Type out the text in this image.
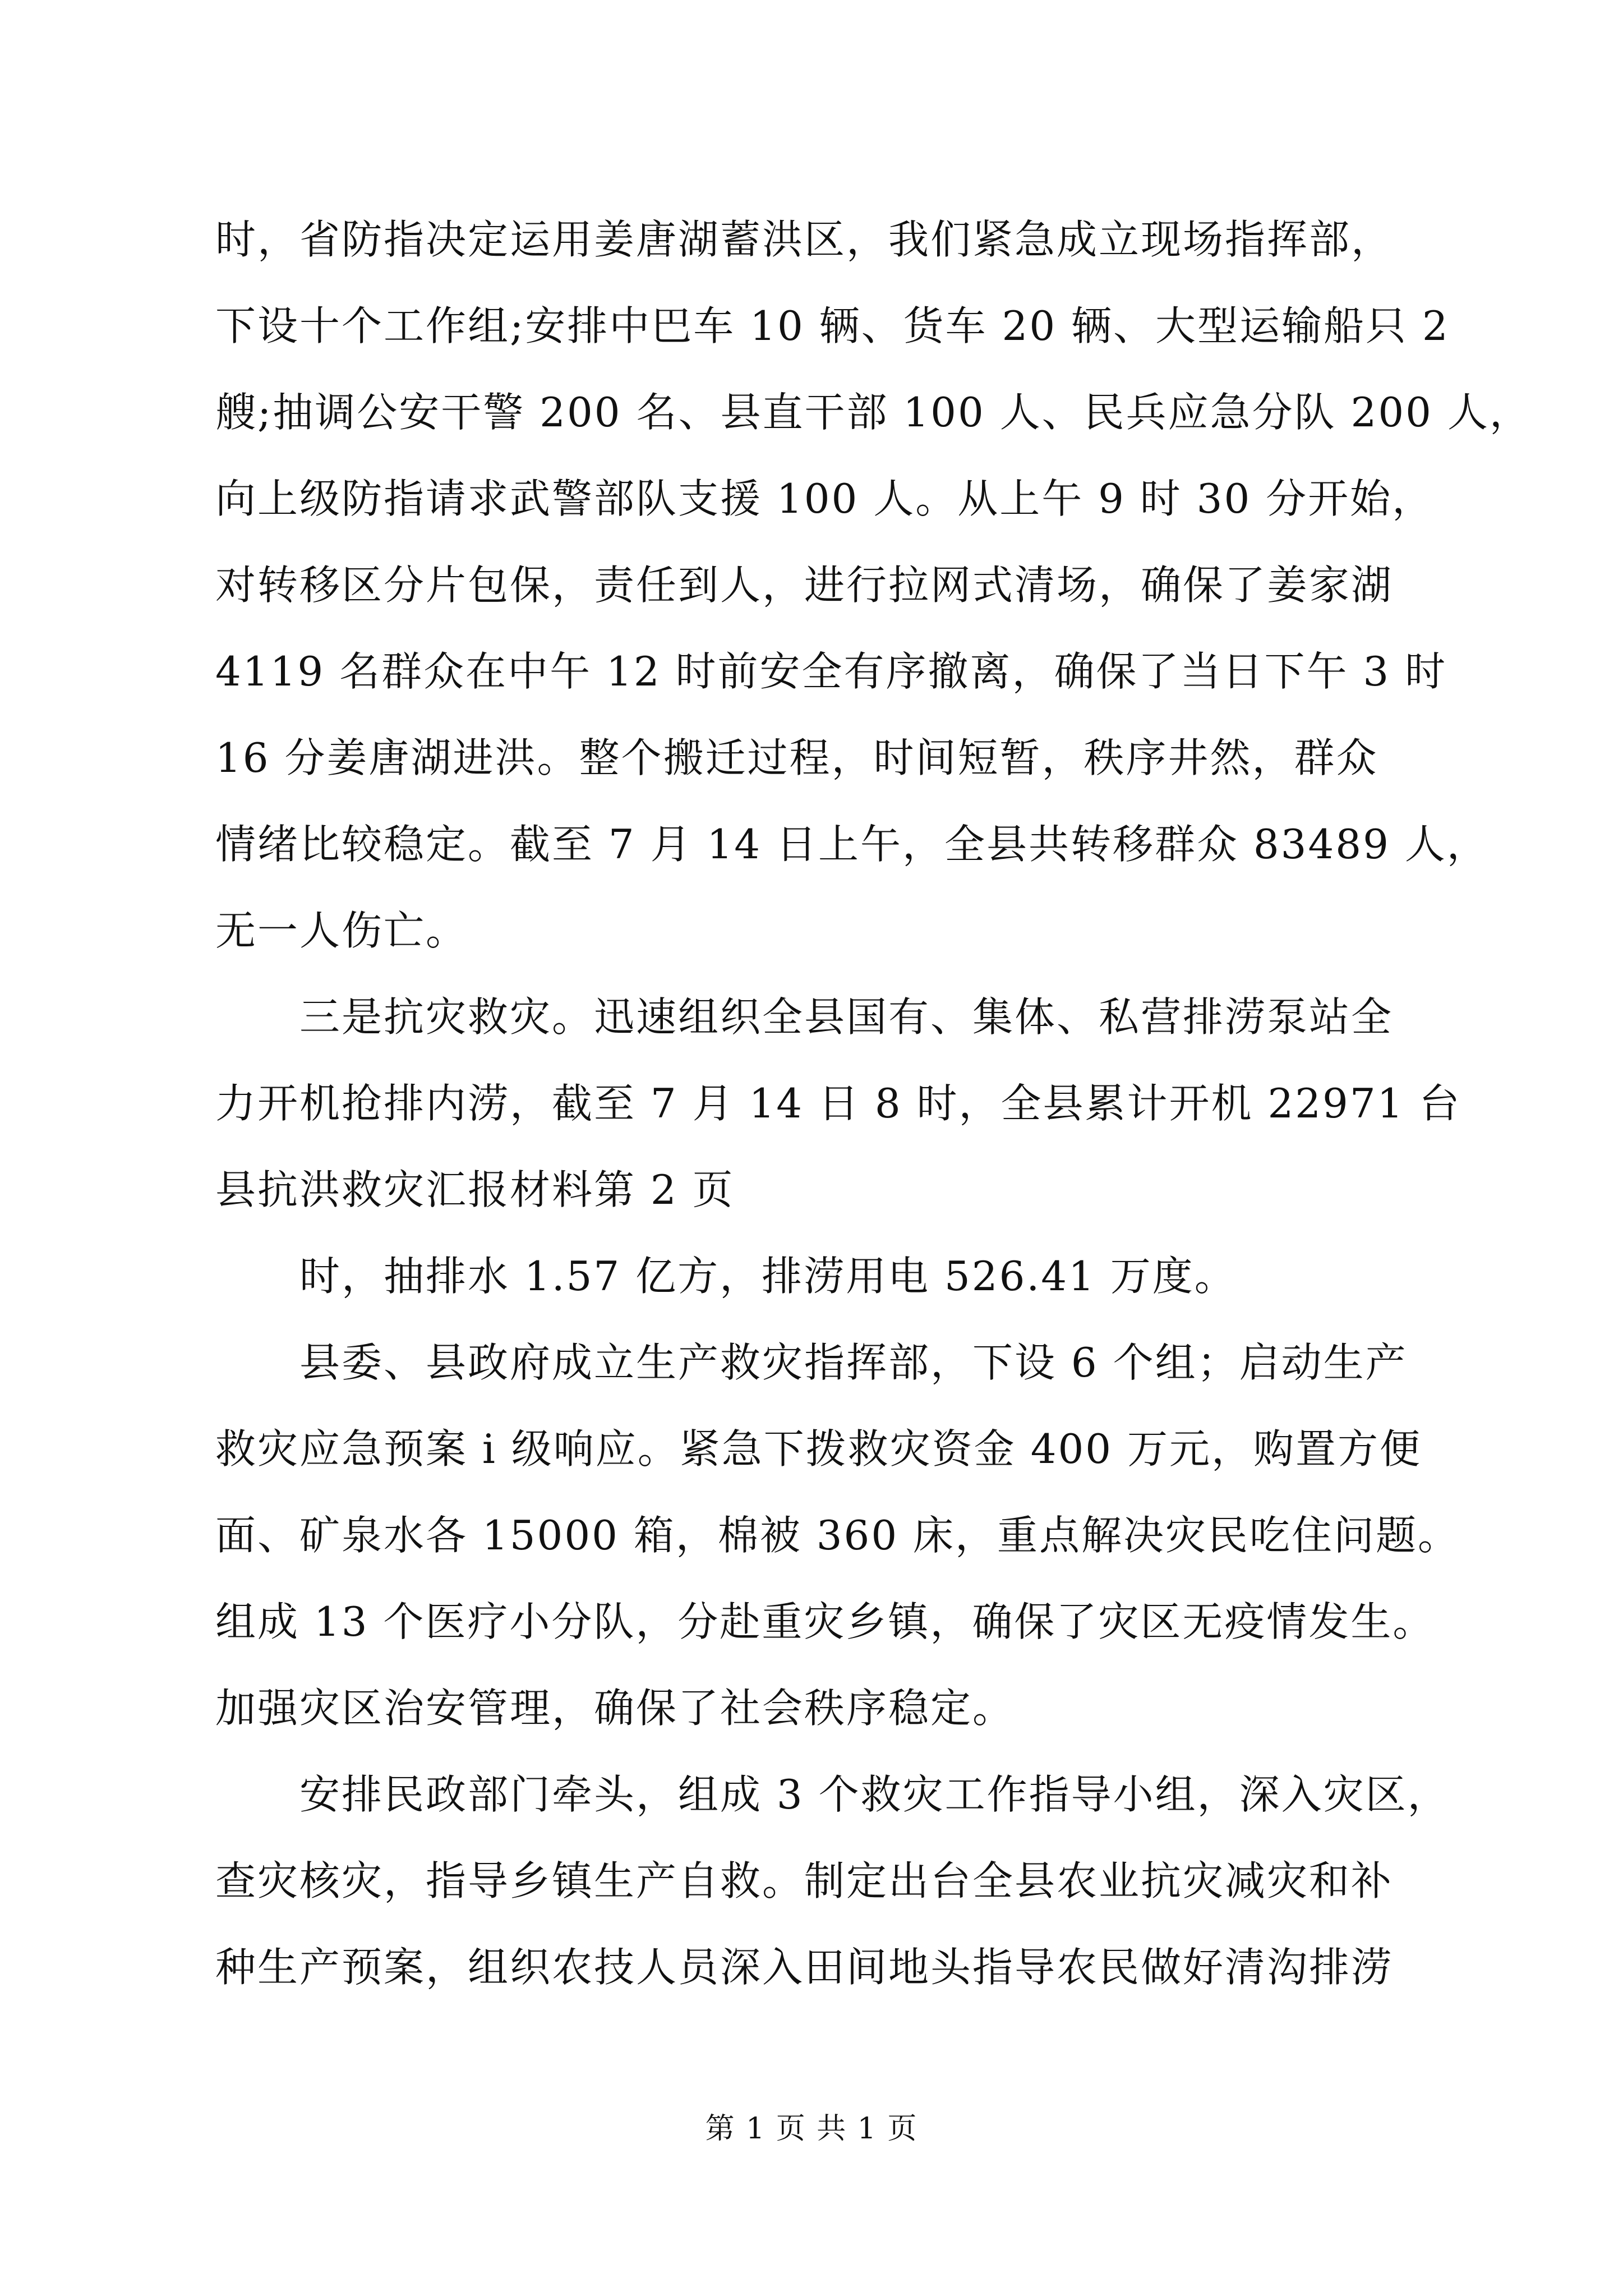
时，省防指决定运用姜唐湖蓄洪区，我们紧急成立现场指挥部，
下设十个工作组;安排中巴车 10 辆、货车 20 辆、大型运输船只 2
艘;抽调公安干警 200 名、县直干部 100 人、民兵应急分队 200 人，
向上级防指请求武警部队支援 100 人。从上午 9 时 30 分开始，
对转移区分片包保，责任到人，进行拉网式清场，确保了姜家湖
4119 名群众在中午 12 时前安全有序撤离，确保了当日下午 3 时
16 分姜唐湖进洪。整个搬迁过程，时间短暂，秩序井然，群众
情绪比较稳定。截至 7 月 14 日上午，全县共转移群众 83489 人，
无一人伤亡。
三是抗灾救灾。迅速组织全县国有、集体、私营排涝泵站全
力开机抢排内涝，截至 7 月 14 日 8 时，全县累计开机 22971 台
县抗洪救灾汇报材料第 2 页
时，抽排水 1.57 亿方，排涝用电 526.41 万度。
县委、县政府成立生产救灾指挥部，下设 6 个组；启动生产
救灾应急预案 i 级响应。紧急下拨救灾资金 400 万元，购置方便
面、矿泉水各 15000 箱，棉被 360 床，重点解决灾民吃住问题。
组成 13 个医疗小分队，分赴重灾乡镇，确保了灾区无疫情发生。
加强灾区治安管理，确保了社会秩序稳定。
安排民政部门牵头，组成 3 个救灾工作指导小组，深入灾区，
查灾核灾，指导乡镇生产自救。制定出台全县农业抗灾减灾和补
种生产预案，组织农技人员深入田间地头指导农民做好清沟排涝
第 1 页 共 1 页
